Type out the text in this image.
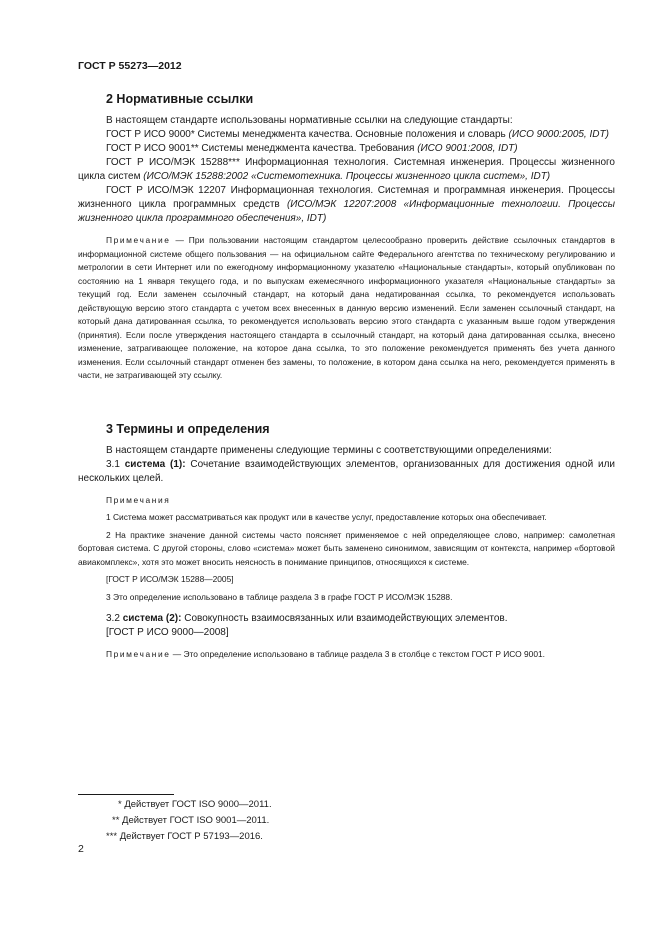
ГОСТ Р 55273—2012
2 Нормативные ссылки

В настоящем стандарте использованы нормативные ссылки на следующие стандарты:

ГОСТ Р ИСО 9000* Системы менеджмента качества. Основные положения и словарь (ИСО 9000:2005, IDT)

ГОСТ Р ИСО 9001** Системы менеджмента качества. Требования (ИСО 9001:2008, IDT)

ГОСТ Р ИСО/МЭК 15288*** Информационная технология. Системная инженерия. Процессы жизненного цикла систем (ИСО/МЭК 15288:2002 «Системотехника. Процессы жизненного цикла систем», IDT)

ГОСТ Р ИСО/МЭК 12207 Информационная технология. Системная и программная инженерия. Процессы жизненного цикла программных средств (ИСО/МЭК 12207:2008 «Информационные технологии. Процессы жизненного цикла программного обеспечения», IDT)

Примечание — При пользовании настоящим стандартом целесообразно проверить действие ссылочных стандартов в информационной системе общего пользования — на официальном сайте Федерального агентства по техническому регулированию и метрологии в сети Интернет или по ежегодному информационному указателю «Национальные стандарты», который опубликован по состоянию на 1 января текущего года, и по выпускам ежемесячного информационного указателя «Национальные стандарты» за текущий год. Если заменен ссылочный стандарт, на который дана недатированная ссылка, то рекомендуется использовать действующую версию этого стандарта с учетом всех внесенных в данную версию изменений. Если заменен ссылочный стандарт, на который дана датированная ссылка, то рекомендуется использовать версию этого стандарта с указанным выше годом утверждения (принятия). Если после утверждения настоящего стандарта в ссылочный стандарт, на который дана датированная ссылка, внесено изменение, затрагивающее положение, на которое дана ссылка, то это положение рекомендуется применять без учета данного изменения. Если ссылочный стандарт отменен без замены, то положение, в котором дана ссылка на него, рекомендуется применять в части, не затрагивающей эту ссылку.

3 Термины и определения

В настоящем стандарте применены следующие термины с соответствующими определениями:

3.1 система (1): Сочетание взаимодействующих элементов, организованных для достижения одной или нескольких целей.

Примечания

1 Система может рассматриваться как продукт или в качестве услуг, предоставление которых она обеспечивает.

2 На практике значение данной системы часто поясняет применяемое с ней определяющее слово, например: самолетная бортовая система. С другой стороны, слово «система» может быть заменено синонимом, зависящим от контекста, например «бортовой авиакомплекс», хотя это может вносить неясность в понимание принципов, относящихся к системе.

[ГОСТ Р ИСО/МЭК 15288—2005]

3 Это определение использовано в таблице раздела 3 в графе ГОСТ Р ИСО/МЭК 15288.

3.2 система (2): Совокупность взаимосвязанных или взаимодействующих элементов.

[ГОСТ Р ИСО 9000—2008]

Примечание — Это определение использовано в таблице раздела 3 в столбце с текстом ГОСТ Р ИСО 9001.

* Действует ГОСТ ISO 9000—2011.
** Действует ГОСТ ISO 9001—2011.
*** Действует ГОСТ Р 57193—2016.
2
